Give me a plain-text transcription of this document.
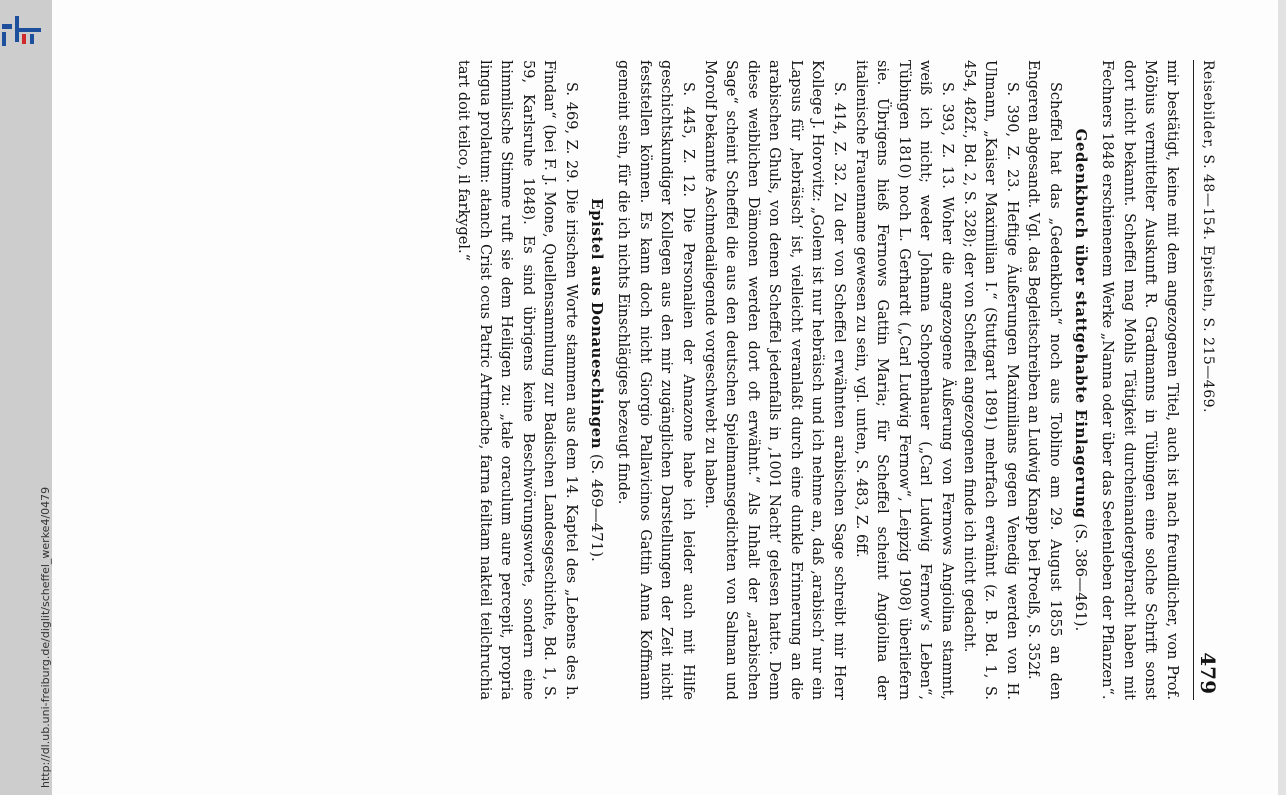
http://dl.ub.uni-freiburg.de/diglit/scheffel_werke4/0479
Reisebilder, S. 48—154. Episteln, S. 215—469.
479

mir bestätigt, keine mit dem angezogenen Titel, auch ist nach freundlicher, von Prof. Möbius vermittelter Auskunft R. Gradmanns in Tübingen eine solche Schrift sonst dort nicht bekannt. Scheffel mag Mohls Tätigkeit durcheinandergebracht haben mit Fechners 1848 erschienenem Werke „Nanna oder über das Seelenleben der Pflanzen“.

Gedenkbuch über stattgehabte Einlagerung (S. 386—461).

Scheffel hat das „Gedenkbuch“ noch aus Toblino am 29. August 1855 an den Engeren abgesandt. Vgl. das Begleitschreiben an Ludwig Knapp bei Proelß, S. 352f.

S. 390, Z. 23. Heftige Äußerungen Maximilians gegen Venedig werden von H. Ulmann, „Kaiser Maximilian I.“ (Stuttgart 1891) mehrfach erwähnt (z. B. Bd. 1, S. 454, 482f., Bd. 2, S. 328); der von Scheffel angezogenen finde ich nicht gedacht.

S. 393, Z. 13. Woher die angezogene Äußerung von Fernows Angiolina stammt, weiß ich nicht; weder Johanna Schopenhauer („Carl Ludwig Fernow’s Leben“, Tübingen 1810) noch L. Gerhardt („Carl Ludwig Fernow“, Leipzig 1908) überliefern sie. Übrigens hieß Fernows Gattin Maria; für Scheffel scheint Angiolina der italienische Frauenname gewesen zu sein, vgl. unten, S. 483, Z. 6ff.

S. 414, Z. 32. Zu der von Scheffel erwähnten arabischen Sage schreibt mir Herr Kollege J. Horovitz: „Golem ist nur hebräisch und ich nehme an, daß ‚arabisch‘ nur ein Lapsus für ‚hebräisch‘ ist, vielleicht veranlaßt durch eine dunkle Erinnerung an die arabischen Ghuls, von denen Scheffel jedenfalls in ‚1001 Nacht‘ gelesen hatte. Denn diese weiblichen Dämonen werden dort oft erwähnt.“ Als Inhalt der „arabischen Sage“ scheint Scheffel die aus den deutschen Spielmannsgedichten von Salman und Morolf bekannte Aschmedailegende vorgeschwebt zu haben.

S. 445, Z. 12. Die Personalien der Amazone habe ich leider auch mit Hilfe geschichtskundiger Kollegen aus den mir zugänglichen Darstellungen der Zeit nicht feststellen können. Es kann doch nicht Giorgio Pallavicinos Gattin Anna Koffmann gemeint sein, für die ich nichts Einschlägiges bezeugt finde.

Epistel aus Donaueschingen (S. 469—471).

S. 469, Z. 29. Die irischen Worte stammen aus dem 14. Kaptel des „Lebens des h. Findan“ (bei F. J. Mone, Quellensammlung zur Badischen Landesgeschichte, Bd. 1, S. 59, Karlsruhe 1848). Es sind übrigens keine Beschwörungsworte, sondern eine himmlische Stimme ruft sie dem Heiligen zu: „tale oraculum aure percepit, propria lingua prolatum: atanch Crist ocus Patric Artmache, farna feiltam nakteil teilchruchia tart doit teilco, il farkygel.“
